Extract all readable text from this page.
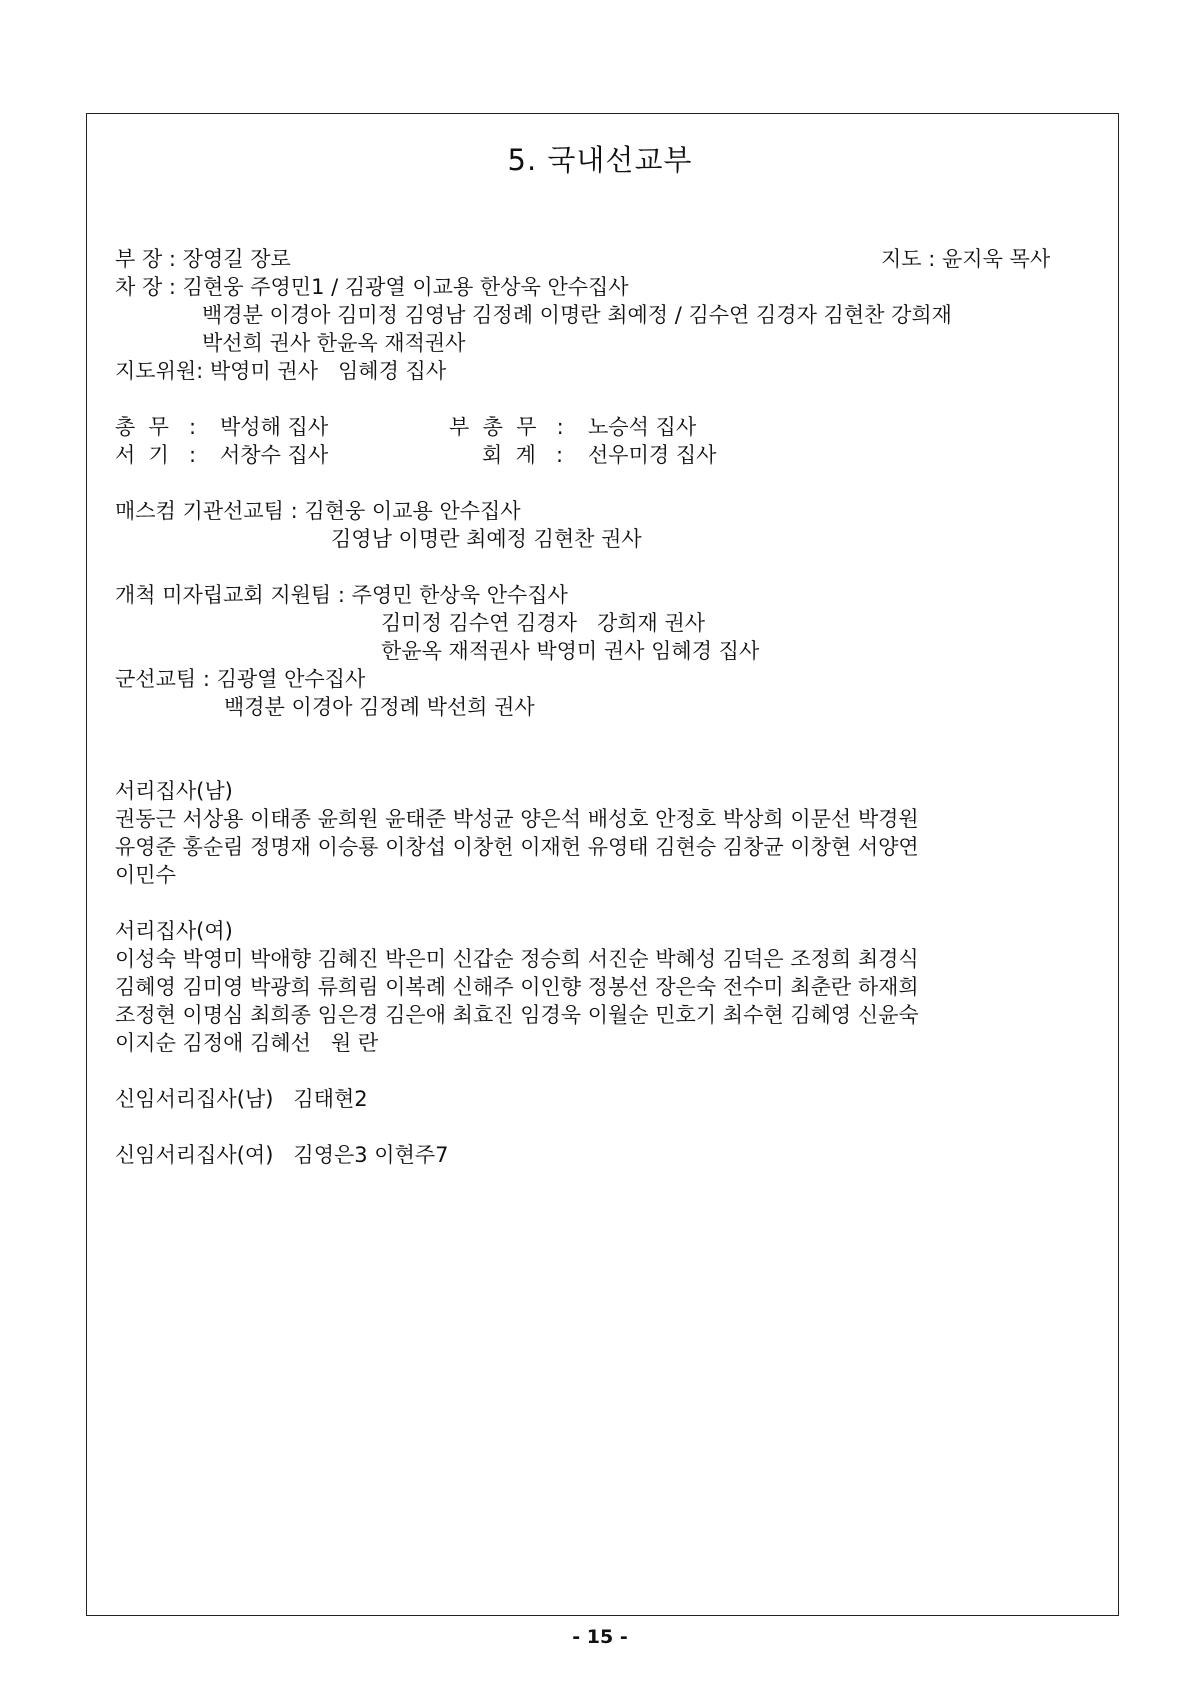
5. 국내선교부
부 장 : 장영길 장로	지도 : 윤지욱 목사
차 장 : 김현웅 주영민1 / 김광열 이교용 한상욱 안수집사
백경분 이경아 김미정 김영남 김정례 이명란 최예정 / 김수연 김경자 김현찬 강희재
박선희 권사 한윤옥 재적권사
지도위원: 박영미 권사   임혜경 집사
총  무   : 박성해 집사	부  총  무   : 노승석 집사
서  기   : 서창수 집사	회  계   : 선우미경 집사
매스컴 기관선교팀 : 김현웅 이교용 안수집사
김영남 이명란 최예정 김현찬 권사
개척 미자립교회 지원팀 : 주영민 한상욱 안수집사
김미정 김수연 김경자   강희재 권사
한윤옥 재적권사 박영미 권사 임혜경 집사
군선교팀 : 김광열 안수집사
백경분 이경아 김정례 박선희 권사
서리집사(남)
권동근 서상용 이태종 윤희원 윤태준 박성균 양은석 배성호 안정호 박상희 이문선 박경원
유영준 홍순림 정명재 이승룡 이창섭 이창헌 이재헌 유영태 김현승 김창균 이창현 서양연
이민수
서리집사(여)
이성숙 박영미 박애향 김혜진 박은미 신갑순 정승희 서진순 박혜성 김덕은 조정희 최경식
김혜영 김미영 박광희 류희림 이복례 신해주 이인향 정봉선 장은숙 전수미 최춘란 하재희
조정현 이명심 최희종 임은경 김은애 최효진 임경욱 이월순 민호기 최수현 김혜영 신윤숙
이지순 김정애 김혜선   원 란
신임서리집사(남)   김태현2
신임서리집사(여)   김영은3 이현주7
- 15 -
